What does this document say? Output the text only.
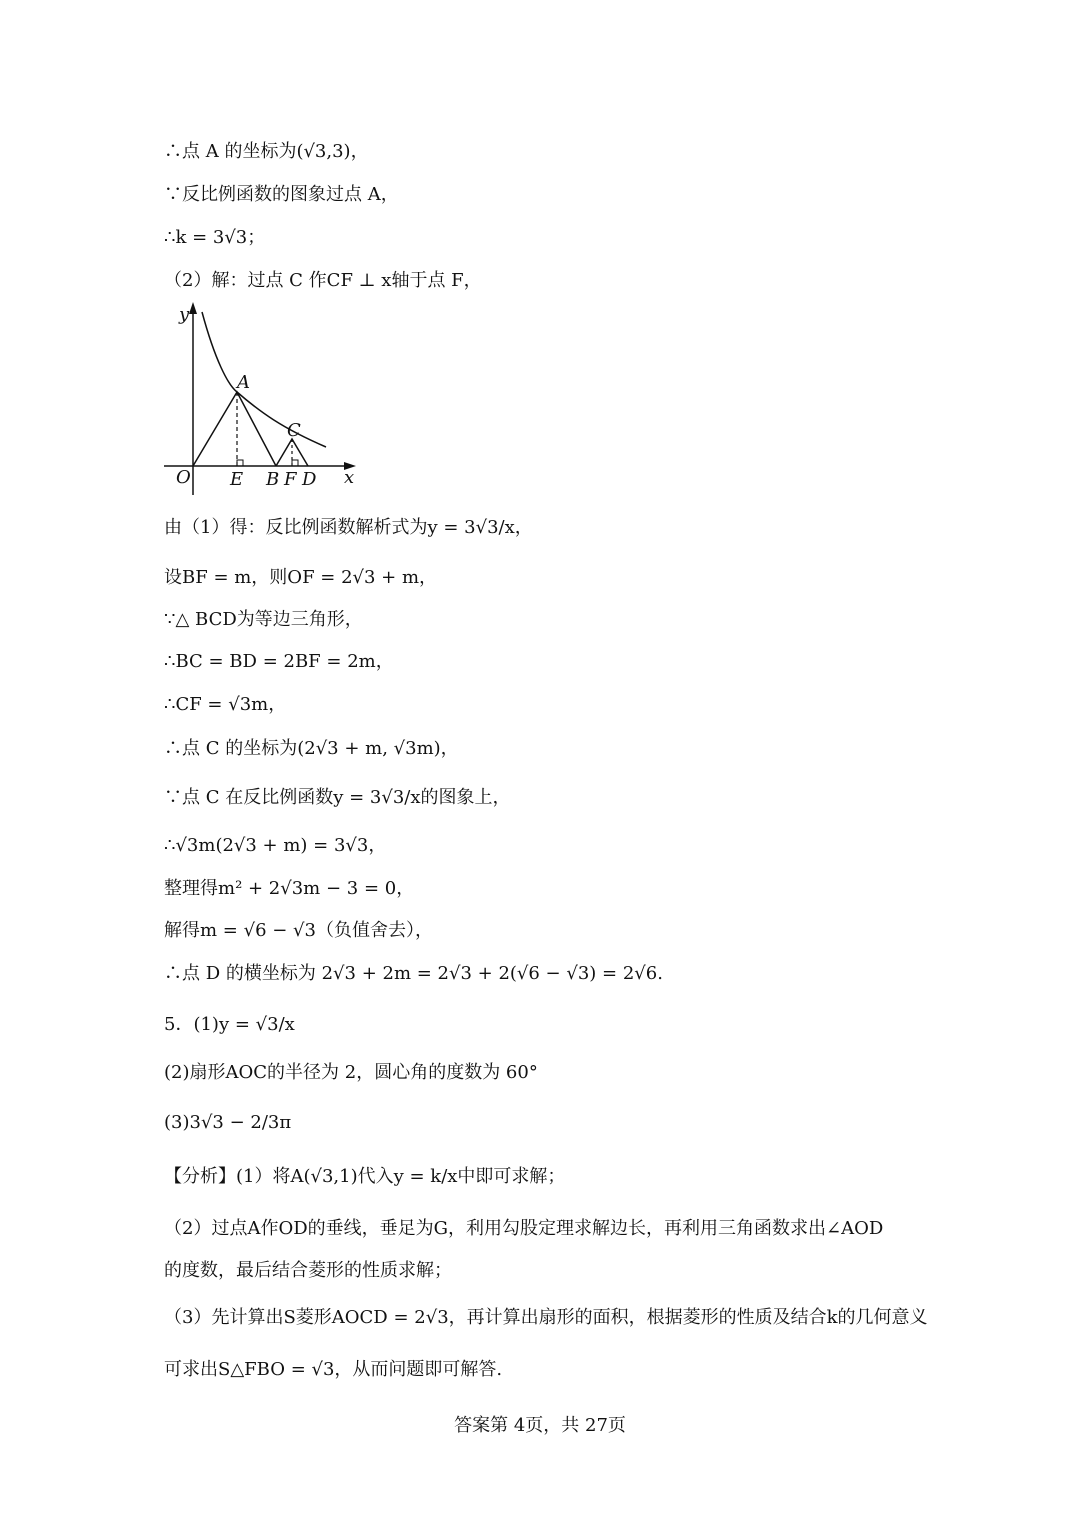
∴点 A 的坐标为(√3,3)，
∵反比例函数的图象过点 A，
∴k = 3√3；
（2）解：过点 C 作CF ⊥ x轴于点 F，
y
x
O E B F D
A
C
由（1）得：反比例函数解析式为y = 3√3/x，
设BF = m，则OF = 2√3 + m，
∵△ BCD为等边三角形，
∴BC = BD = 2BF = 2m，
∴CF = √3m，
∴点 C 的坐标为(2√3 + m, √3m)，
∵点 C 在反比例函数y = 3√3/x的图象上，
∴√3m(2√3 + m) = 3√3，
整理得m² + 2√3m − 3 = 0，
解得m = √6 − √3（负值舍去），
∴点 D 的横坐标为 2√3 + 2m = 2√3 + 2(√6 − √3) = 2√6.
5．(1)y = √3/x
(2)扇形AOC的半径为 2，圆心角的度数为 60°
(3)3√3 − 2/3π
【分析】(1）将A(√3,1)代入y = k/x中即可求解；
（2）过点A作OD的垂线，垂足为G，利用勾股定理求解边长，再利用三角函数求出∠AOD
的度数，最后结合菱形的性质求解；
（3）先计算出S菱形AOCD = 2√3，再计算出扇形的面积，根据菱形的性质及结合k的几何意义
可求出S△FBO = √3，从而问题即可解答.
答案第 4页，共 27页
